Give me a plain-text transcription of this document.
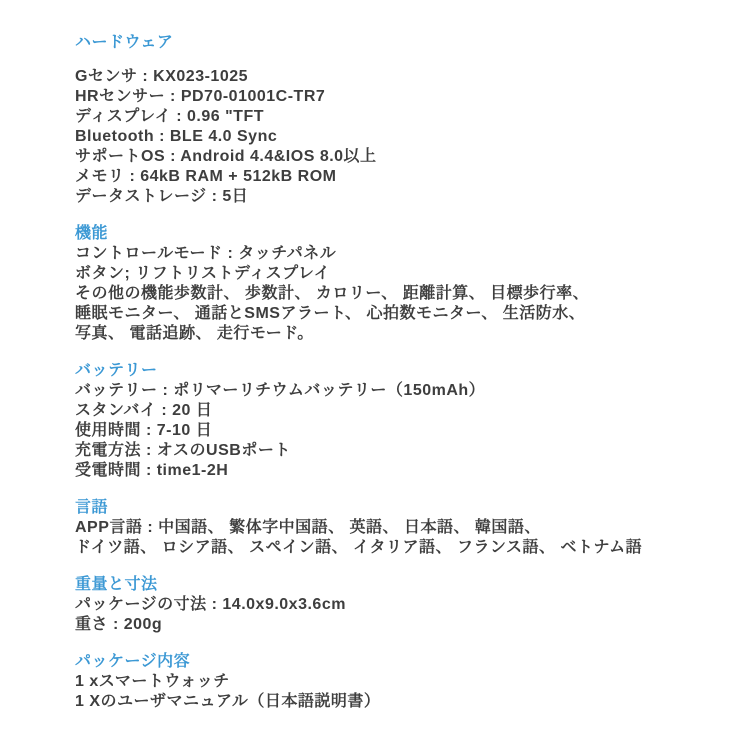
ハードウェア
Gセンサ : KX023-1025
HRセンサー : PD70-01001C-TR7
ディスプレイ : 0.96 "TFT
Bluetooth : BLE 4.0 Sync
サポートOS : Android 4.4&IOS 8.0以上
メモリ : 64kB RAM + 512kB ROM
データストレージ : 5日
機能
コントロールモード : タッチパネル
ボタン; リフトリストディスプレイ
その他の機能歩数計、 歩数計、 カロリー、 距離計算、 目標歩行率、
睡眠モニター、 通話とSMSアラート、 心拍数モニター、 生活防水、
写真、 電話追跡、 走行モード。
バッテリー
バッテリー : ポリマーリチウムバッテリー（150mAh）
スタンバイ : 20 日
使用時間 : 7-10 日
充電方法 : オスのUSBポート
受電時間 : time1-2H
言語
APP言語 : 中国語、 繁体字中国語、 英語、 日本語、 韓国語、
ドイツ語、 ロシア語、 スペイン語、 イタリア語、 フランス語、 ベトナム語
重量と寸法
パッケージの寸法 : 14.0x9.0x3.6cm
重さ : 200g
パッケージ内容
1 xスマートウォッチ
1 Xのユーザマニュアル（日本語説明書）
